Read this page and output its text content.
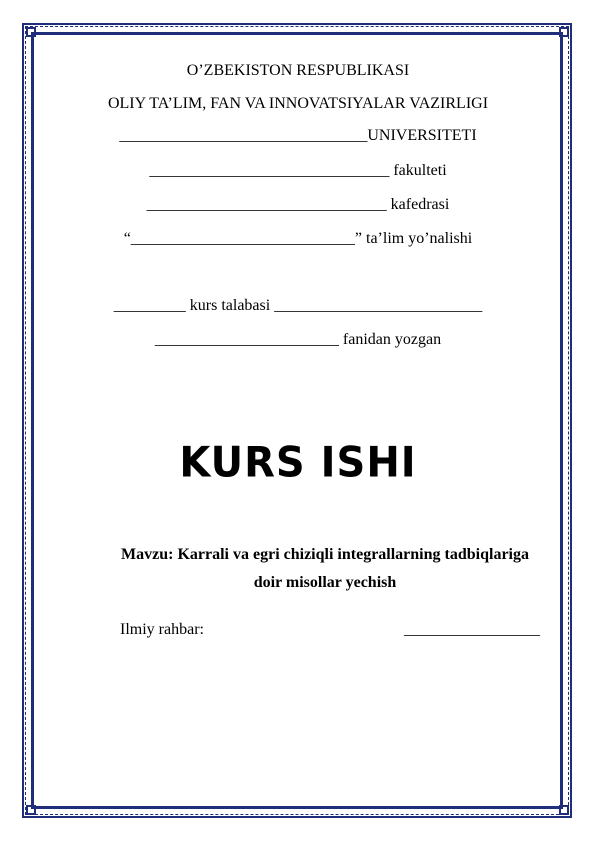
O’ZBEKISTON RESPUBLIKASI
OLIY TA’LIM, FAN VA INNOVATSIYALAR VAZIRLIGI
_______________________________UNIVERSITETI
______________________________ fakulteti
______________________________ kafedrasi
“____________________________” ta’lim yo’nalishi
_________ kurs talabasi __________________________
_______________________ fanidan yozgan
KURS ISHI
Mavzu: Karrali va egri chiziqli integrallarning tadbiqlariga
doir misollar yechish
Ilmiy rahbar:	_________________
